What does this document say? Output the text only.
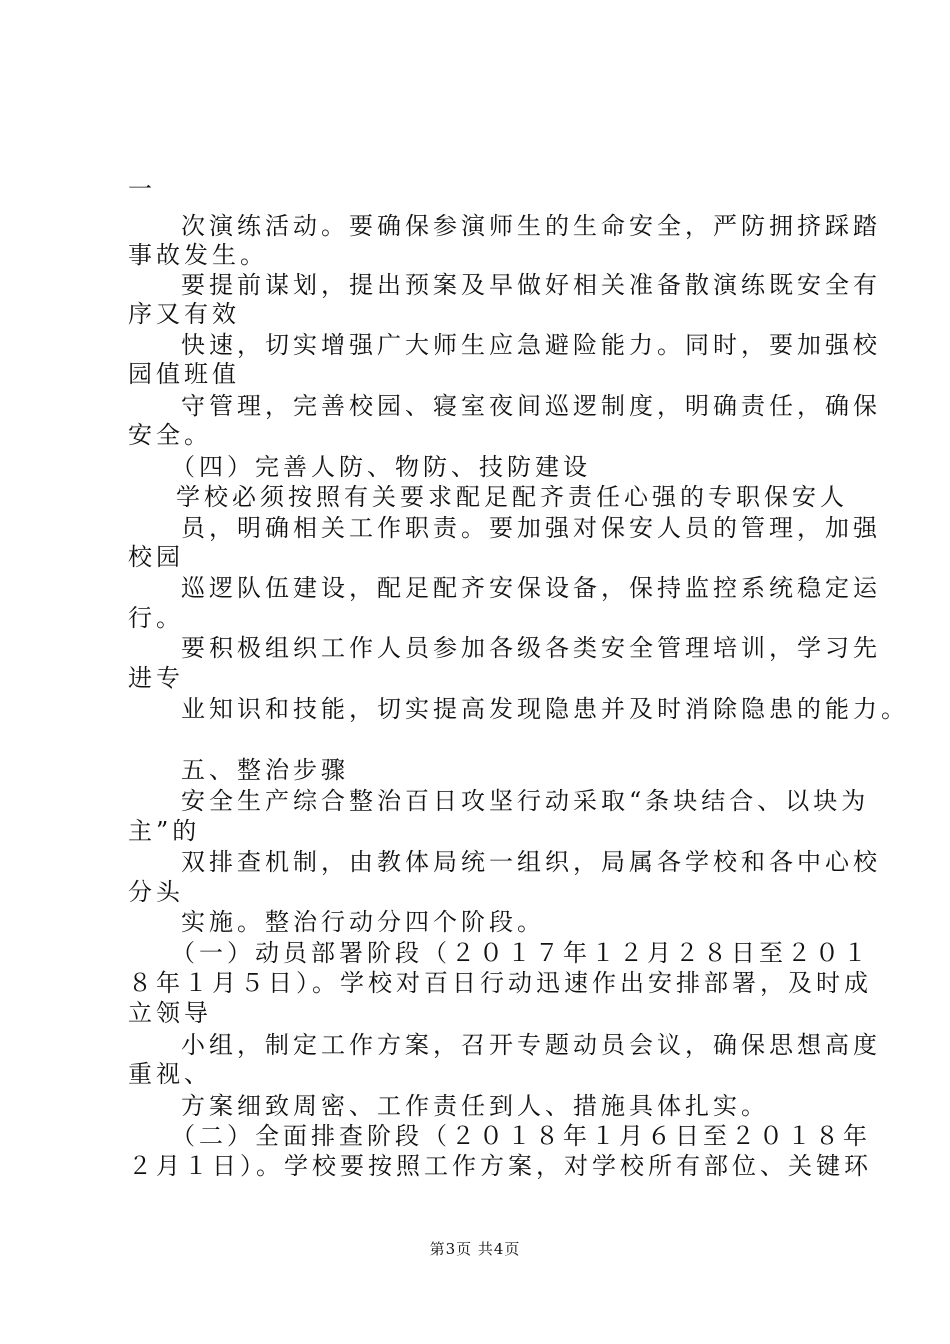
一
次演练活动。要确保参演师生的生命安全，严防拥挤踩踏
事故发生。
要提前谋划，提出预案及早做好相关准备散演练既安全有
序又有效
快速，切实增强广大师生应急避险能力。同时，要加强校
园值班值
守管理，完善校园、寝室夜间巡逻制度，明确责任，确保
安全。
（四）完善人防、物防、技防建设
学校必须按照有关要求配足配齐责任心强的专职保安人
员，明确相关工作职责。要加强对保安人员的管理，加强
校园
巡逻队伍建设，配足配齐安保设备，保持监控系统稳定运
行。
要积极组织工作人员参加各级各类安全管理培训，学习先
进专
业知识和技能，切实提高发现隐患并及时消除隐患的能力。
五、整治步骤
安全生产综合整治百日攻坚行动采取“条块结合、以块为
主”的
双排查机制，由教体局统一组织，局属各学校和各中心校
分头
实施。整治行动分四个阶段。
（一）动员部署阶段（２０１７年１２月２８日至２０１
８年１月５日）。学校对百日行动迅速作出安排部署，及时成
立领导
小组，制定工作方案，召开专题动员会议，确保思想高度
重视、
方案细致周密、工作责任到人、措施具体扎实。
（二）全面排查阶段（２０１８年１月６日至２０１８年
２月１日）。学校要按照工作方案，对学校所有部位、关键环
第3页 共4页
